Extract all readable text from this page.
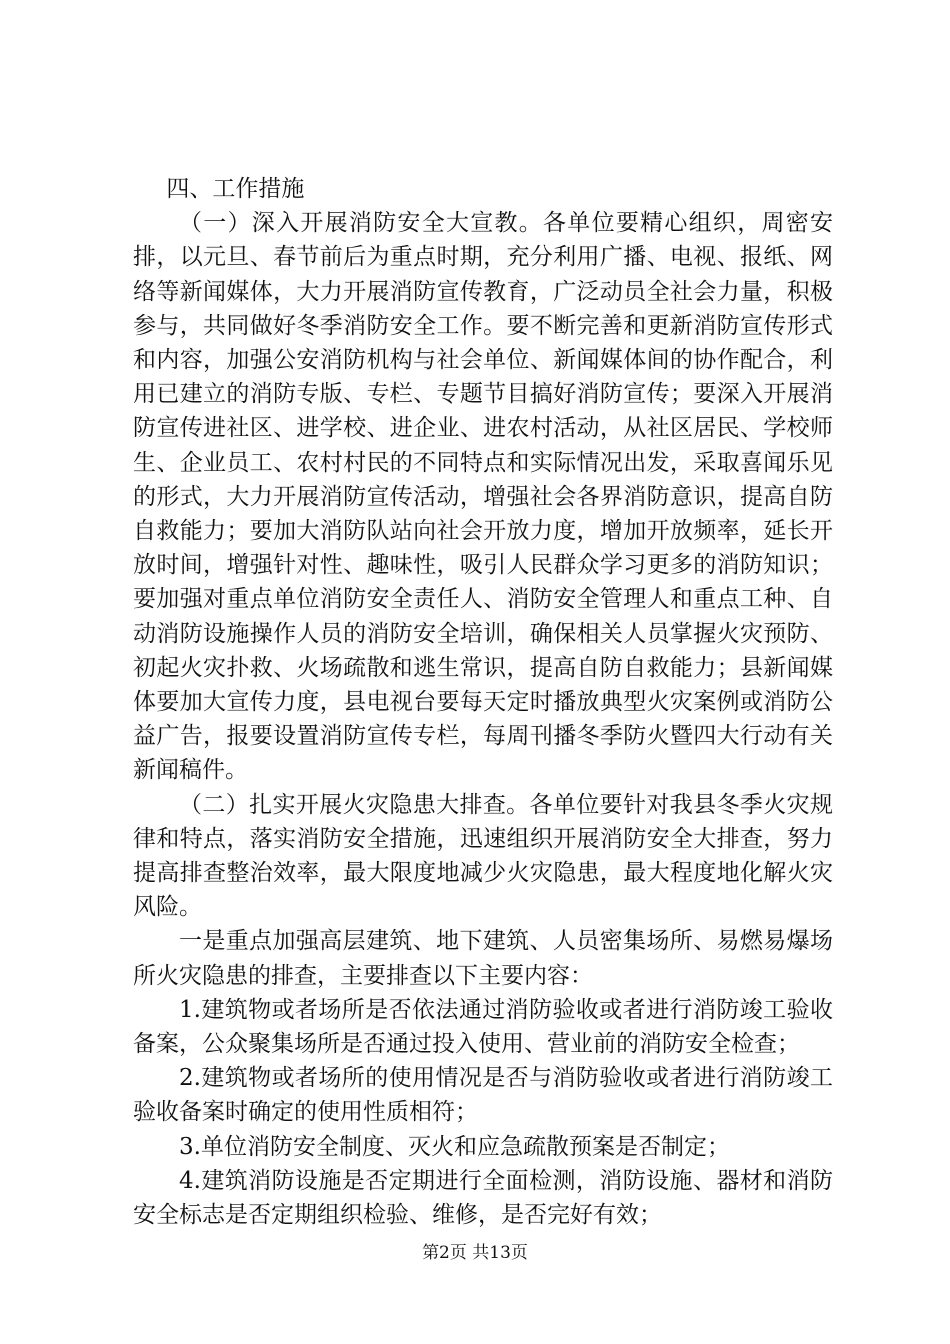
四、工作措施

（一）深入开展消防安全大宣教。各单位要精心组织，周密安排，以元旦、春节前后为重点时期，充分利用广播、电视、报纸、网络等新闻媒体，大力开展消防宣传教育，广泛动员全社会力量，积极参与，共同做好冬季消防安全工作。要不断完善和更新消防宣传形式和内容，加强公安消防机构与社会单位、新闻媒体间的协作配合，利用已建立的消防专版、专栏、专题节目搞好消防宣传；要深入开展消防宣传进社区、进学校、进企业、进农村活动，从社区居民、学校师生、企业员工、农村村民的不同特点和实际情况出发，采取喜闻乐见的形式，大力开展消防宣传活动，增强社会各界消防意识，提高自防自救能力；要加大消防队站向社会开放力度，增加开放频率，延长开放时间，增强针对性、趣味性，吸引人民群众学习更多的消防知识；要加强对重点单位消防安全责任人、消防安全管理人和重点工种、自动消防设施操作人员的消防安全培训，确保相关人员掌握火灾预防、初起火灾扑救、火场疏散和逃生常识，提高自防自救能力；县新闻媒体要加大宣传力度，县电视台要每天定时播放典型火灾案例或消防公益广告，报要设置消防宣传专栏，每周刊播冬季防火暨四大行动有关新闻稿件。

（二）扎实开展火灾隐患大排查。各单位要针对我县冬季火灾规律和特点，落实消防安全措施，迅速组织开展消防安全大排查，努力提高排查整治效率，最大限度地减少火灾隐患，最大程度地化解火灾风险。

一是重点加强高层建筑、地下建筑、人员密集场所、易燃易爆场所火灾隐患的排查，主要排查以下主要内容：

1.建筑物或者场所是否依法通过消防验收或者进行消防竣工验收备案，公众聚集场所是否通过投入使用、营业前的消防安全检查；

2.建筑物或者场所的使用情况是否与消防验收或者进行消防竣工验收备案时确定的使用性质相符；

3.单位消防安全制度、灭火和应急疏散预案是否制定；

4.建筑消防设施是否定期进行全面检测，消防设施、器材和消防安全标志是否定期组织检验、维修，是否完好有效；

第2页 共13页
